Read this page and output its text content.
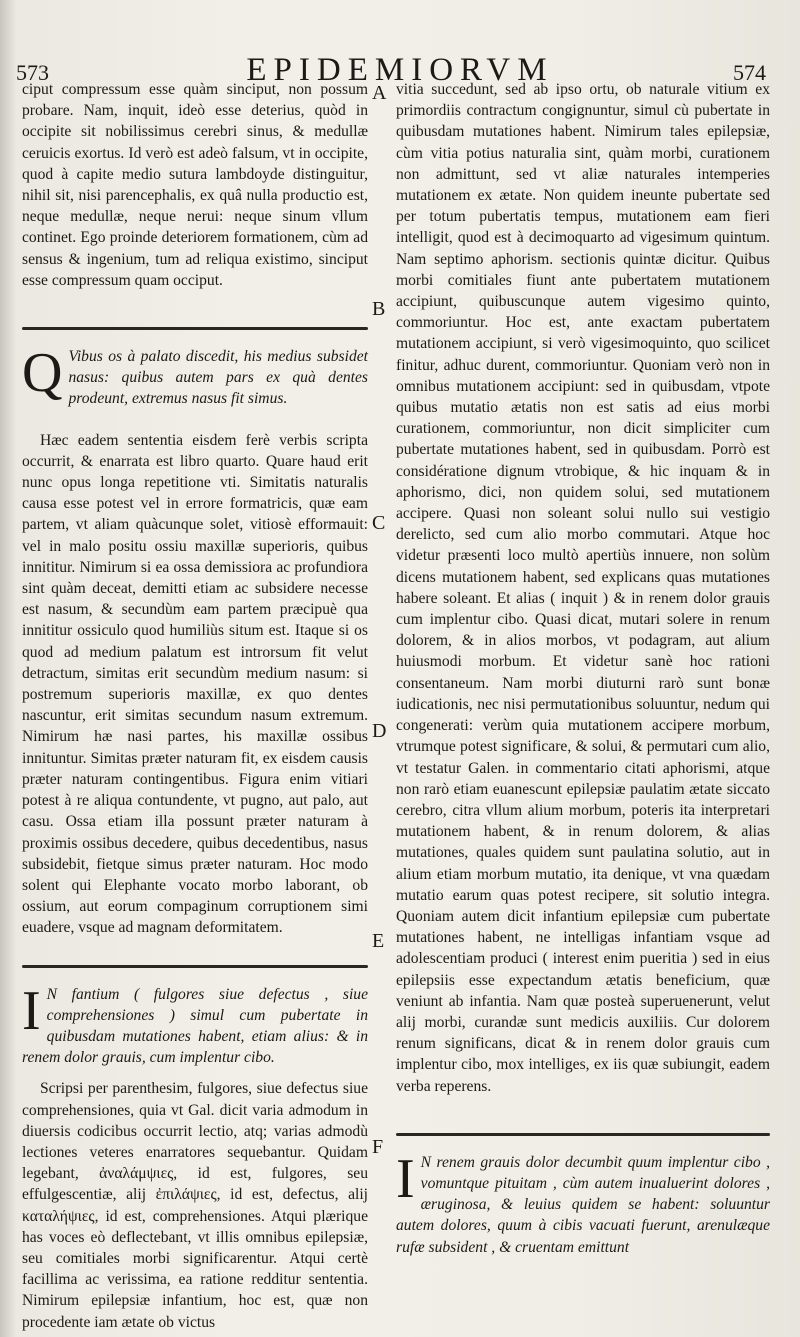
573	EPIDEMIORVM	574
A
B
C
D
E
F

ciput compressum esse quàm sinciput, non possum probare. Nam, inquit, ideò esse deterius, quòd in occipite sit nobilissimus cerebri sinus, & medullæ ceruicis exortus. Id verò est adeò falsum, vt in occipite, quod à capite medio sutura lambdoyde distinguitur, nihil sit, nisi parencephalis, ex quâ nulla productio est, neque medullæ, neque nerui: neque sinum vllum continet. Ego proinde deteriorem formationem, cùm ad sensus & ingenium, tum ad reliqua existimo, sinciput esse compressum quam occiput.

Q Vibus os à palato discedit, his medius subsidet nasus: quibus autem pars ex quà dentes prodeunt, extremus nasus fit simus.

Hæc eadem sententia eisdem ferè verbis scripta occurrit, & enarrata est libro quarto. Quare haud erit nunc opus longa repetitione vti. Simitatis naturalis causa esse potest vel in errore formatricis, quæ eam partem, vt aliam quàcunque solet, vitiosè efformauit: vel in malo positu ossiu maxillæ superioris, quibus innititur. Nimirum si ea ossa demissiora ac profundiora sint quàm deceat, demitti etiam ac subsidere necesse est nasum, & secundùm eam partem præcipuè qua innititur ossiculo quod humiliùs situm est. Itaque si os quod ad medium palatum est introrsum fit velut detractum, simitas erit secundùm medium nasum: si postremum superioris maxillæ, ex quo dentes nascuntur, erit simitas secundum nasum extremum. Nimirum hæ nasi partes, his maxillæ ossibus innituntur. Simitas præter naturam fit, ex eisdem causis præter naturam contingentibus. Figura enim vitiari potest à re aliqua contundente, vt pugno, aut palo, aut casu. Ossa etiam illa possunt præter naturam à proximis ossibus decedere, quibus decedentibus, nasus subsidebit, fietque simus præter naturam. Hoc modo solent qui Elephante vocato morbo laborant, ob ossium, aut eorum compaginum corruptionem simi euadere, vsque ad magnam deformitatem.

I N fantium ( fulgores siue defectus , siue comprehensiones ) simul cum pubertate in quibusdam mutationes habent, etiam alius: & in renem dolor grauis, cum implentur cibo.

Scripsi per parenthesim, fulgores, siue defectus siue comprehensiones, quia vt Gal. dicit varia admodum in diuersis codicibus occurrit lectio, atq; varias admodù lectiones veteres enarratores sequebantur. Quidam legebant, ἀναλάμψιες, id est, fulgores, seu effulgescentiæ, alij ἐπιλάψιες, id est, defectus, alij καταλήψιες, id est, comprehensiones. Atqui plærique has voces eò deflectebant, vt illis omnibus epilepsiæ, seu comitiales morbi significarentur. Atqui certè facillima ac verissima, ea ratione redditur sententia. Nimirum epilepsiæ infantium, hoc est, quæ non procedente iam ætate ob victus

vitia succedunt, sed ab ipso ortu, ob naturale vitium ex primordiis contractum congignuntur, simul cù pubertate in quibusdam mutationes habent. Nimirum tales epilepsiæ, cùm vitia potius naturalia sint, quàm morbi, curationem non admittunt, sed vt aliæ naturales intemperies mutationem ex ætate. Non quidem ineunte pubertate sed per totum pubertatis tempus, mutationem eam fieri intelligit, quod est à decimoquarto ad vigesimum quintum. Nam septimo aphorism. sectionis quintæ dicitur. Quibus morbi comitiales fiunt ante pubertatem mutationem accipiunt, quibuscunque autem vigesimo quinto, commoriuntur. Hoc est, ante exactam pubertatem mutationem accipiunt, si verò vigesimoquinto, quo scilicet finitur, adhuc durent, commoriuntur. Quoniam verò non in omnibus mutationem accipiunt: sed in quibusdam, vtpote quibus mutatio ætatis non est satis ad eius morbi curationem, commoriuntur, non dicit simpliciter cum pubertate mutationes habent, sed in quibusdam. Porrò est considératione dignum vtrobique, & hic inquam & in aphorismo, dici, non quidem solui, sed mutationem accipere. Quasi non soleant solui nullo sui vestigio derelicto, sed cum alio morbo commutari. Atque hoc videtur præsenti loco multò apertiùs innuere, non solùm dicens mutationem habent, sed explicans quas mutationes habere soleant. Et alias ( inquit ) & in renem dolor grauis cum implentur cibo. Quasi dicat, mutari solere in renum dolorem, & in alios morbos, vt podagram, aut alium huiusmodi morbum. Et videtur sanè hoc rationi consentaneum. Nam morbi diuturni rarò sunt bonæ iudicationis, nec nisi permutationibus soluuntur, nedum qui congenerati: verùm quia mutationem accipere morbum, vtrumque potest significare, & solui, & permutari cum alio, vt testatur Galen. in commentario citati aphorismi, atque non rarò etiam euanescunt epilepsiæ paulatim ætate siccato cerebro, citra vllum alium morbum, poteris ita interpretari mutationem habent, & in renum dolorem, & alias mutationes, quales quidem sunt paulatina solutio, aut in alium etiam morbum mutatio, ita denique, vt vna quædam mutatio earum quas potest recipere, sit solutio integra. Quoniam autem dicit infantium epilepsiæ cum pubertate mutationes habent, ne intelligas infantiam vsque ad adolescentiam produci ( interest enim pueritia ) sed in eius epilepsiis esse expectandum ætatis beneficium, quæ veniunt ab infantia. Nam quæ posteà superuenerunt, velut alij morbi, curandæ sunt medicis auxiliis. Cur dolorem renum significans, dicat & in renem dolor grauis cum implentur cibo, mox intelliges, ex iis quæ subiungit, eadem verba reperens.

I N renem grauis dolor decumbit quum implentur cibo , vomuntque pituitam , cùm autem inualuerint dolores , æruginosa, & leuius quidem se habent: soluuntur autem dolores, quum à cibis vacuati fuerunt, arenulæque rufæ subsident , & cruentam emittunt
